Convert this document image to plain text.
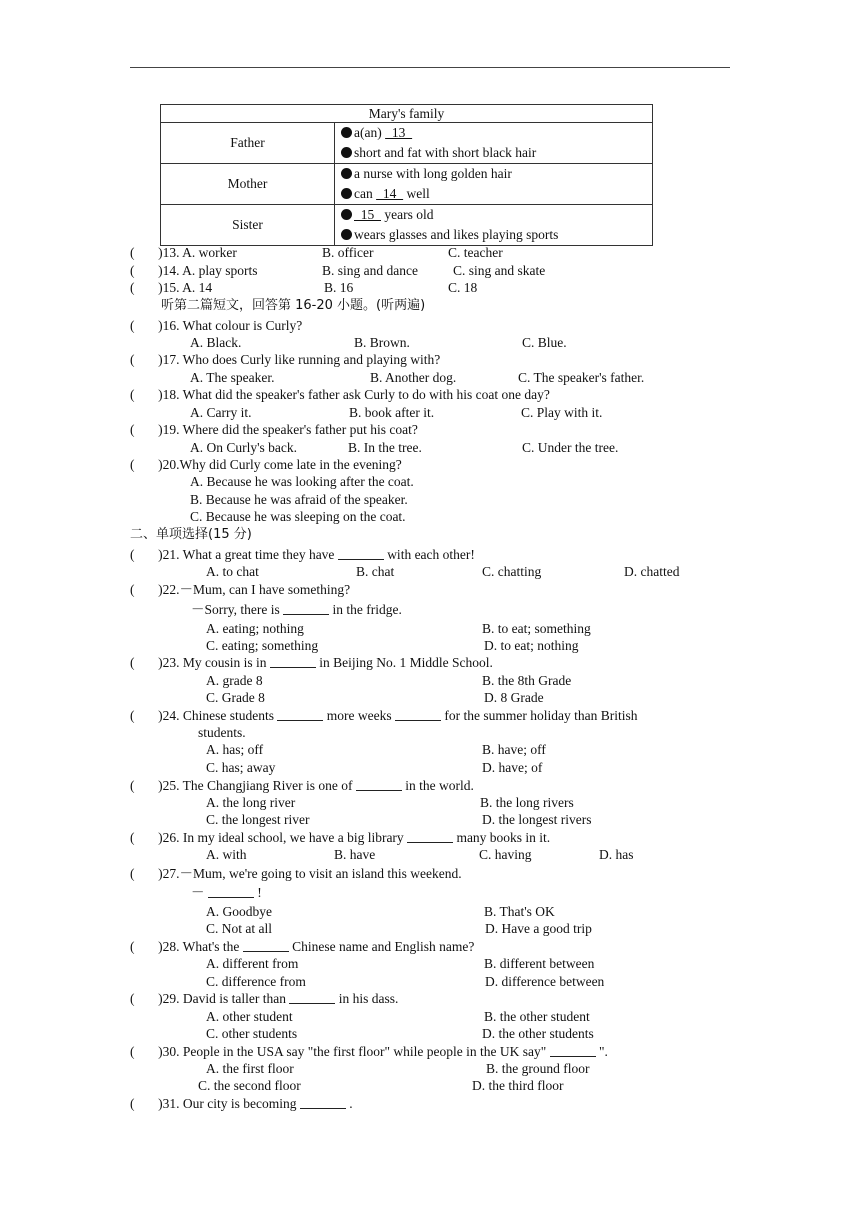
Mary's family	
Father	a(an)   13
short and fat with short black hair

Mother	a nurse with long golden hair
can   14   well

Sister	15   years old
wears glasses and likes playing sports
(       )13. A. worker	B. officer	C. teacher
(       )14. A. play sports	B. sing and dance	C. sing and skate
(       )15. A. 14	B. 16	C. 18
听第二篇短文，回答第 16-20 小题。(听两遍)
(       )16. What colour is Curly?
A. Black.	B. Brown.	C. Blue.
(       )17. Who does Curly like running and playing with?
A. The speaker.	B. Another dog.	C. The speaker's father.
(       )18. What did the speaker's father ask Curly to do with his coat one day?
A. Carry it.	B. book after it.	C. Play with it.
(       )19. Where did the speaker's father put his coat?
A. On Curly's back.	B. In the tree.	C. Under the tree.
(       )20.Why did Curly come late in the evening?
A. Because he was looking after the coat.
B. Because he was afraid of the speaker.
C. Because he was sleeping on the coat.
二、单项选择(15 分)
(       )21. What a great time they have	with each other!
A. to chat	B. chat	C. chatting	D. chatted
(       )22.－Mum, can I have something?
－Sorry, there is	in the fridge.
A. eating; nothing	B. to eat; something
C. eating; something	D. to eat; nothing
(       )23. My cousin is in	in Beijing No. 1 Middle School.
A. grade 8	B. the 8th Grade
C. Grade 8	D. 8 Grade
(       )24. Chinese students	more weeks	for the summer holiday than British
students.
A. has; off	B. have; off
C. has; away	D. have; of
(       )25. The Changjiang River is one of	in the world.
A. the long river	B. the long rivers
C. the longest river	D. the longest rivers
(       )26. In my ideal school, we have a big library	many books in it.
A. with	B. have	C. having	D. has
(       )27.－Mum, we're going to visit an island this weekend.
－	!
A. Goodbye	B. That's OK
C. Not at all	D. Have a good trip
(       )28. What's the	Chinese name and English name?
A. different from	B. different between
C. difference from	D. difference between
(       )29. David is taller than	in his dass.
A. other student	B. the other student
C. other students	D. the other students
(       )30. People in the USA say "the first floor" while people in the UK say"	".
A. the first floor	B. the ground floor
C. the second floor	D. the third floor
(       )31. Our city is becoming	.
